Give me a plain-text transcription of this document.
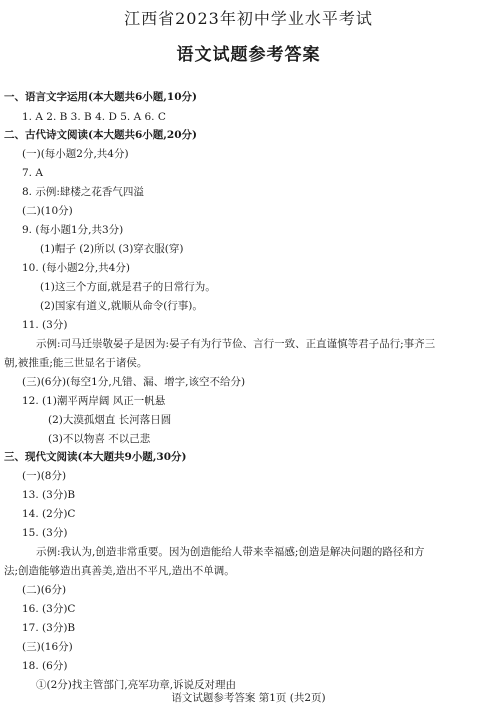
江西省2023年初中学业水平考试
语文试题参考答案
一、语言文字运用(本大题共6小题,10分)
1. A 2. B 3. B 4. D 5. A 6. C
二、古代诗文阅读(本大题共6小题,20分)
(一)(每小题2分,共4分)
7. A
8. 示例:肆楼之花香气四溢
(二)(10分)
9. (每小题1分,共3分)
(1)帽子 (2)所以 (3)穿衣服(穿)
10. (每小题2分,共4分)
(1)这三个方面,就是君子的日常行为。
(2)国家有道义,就顺从命令(行事)。
11. (3分)
示例:司马迁崇敬晏子是因为:晏子有为行节俭、言行一致、正直谨慎等君子品行;事齐三
朝,被推重;能三世显名于诸侯。
(三)(6分)(每空1分,凡错、漏、增字,该空不给分)
12. (1)潮平两岸阔 风正一帆悬
(2)大漠孤烟直 长河落日圆
(3)不以物喜 不以己悲
三、现代文阅读(本大题共9小题,30分)
(一)(8分)
13. (3分)B
14. (2分)C
15. (3分)
示例:我认为,创造非常重要。因为创造能给人带来幸福感;创造是解决问题的路径和方
法;创造能够造出真善美,造出不平凡,造出不单调。
(二)(6分)
16. (3分)C
17. (3分)B
(三)(16分)
18. (6分)
①(2分)找主管部门,亮军功章,诉说反对理由
语文试题参考答案 第1页 (共2页)
